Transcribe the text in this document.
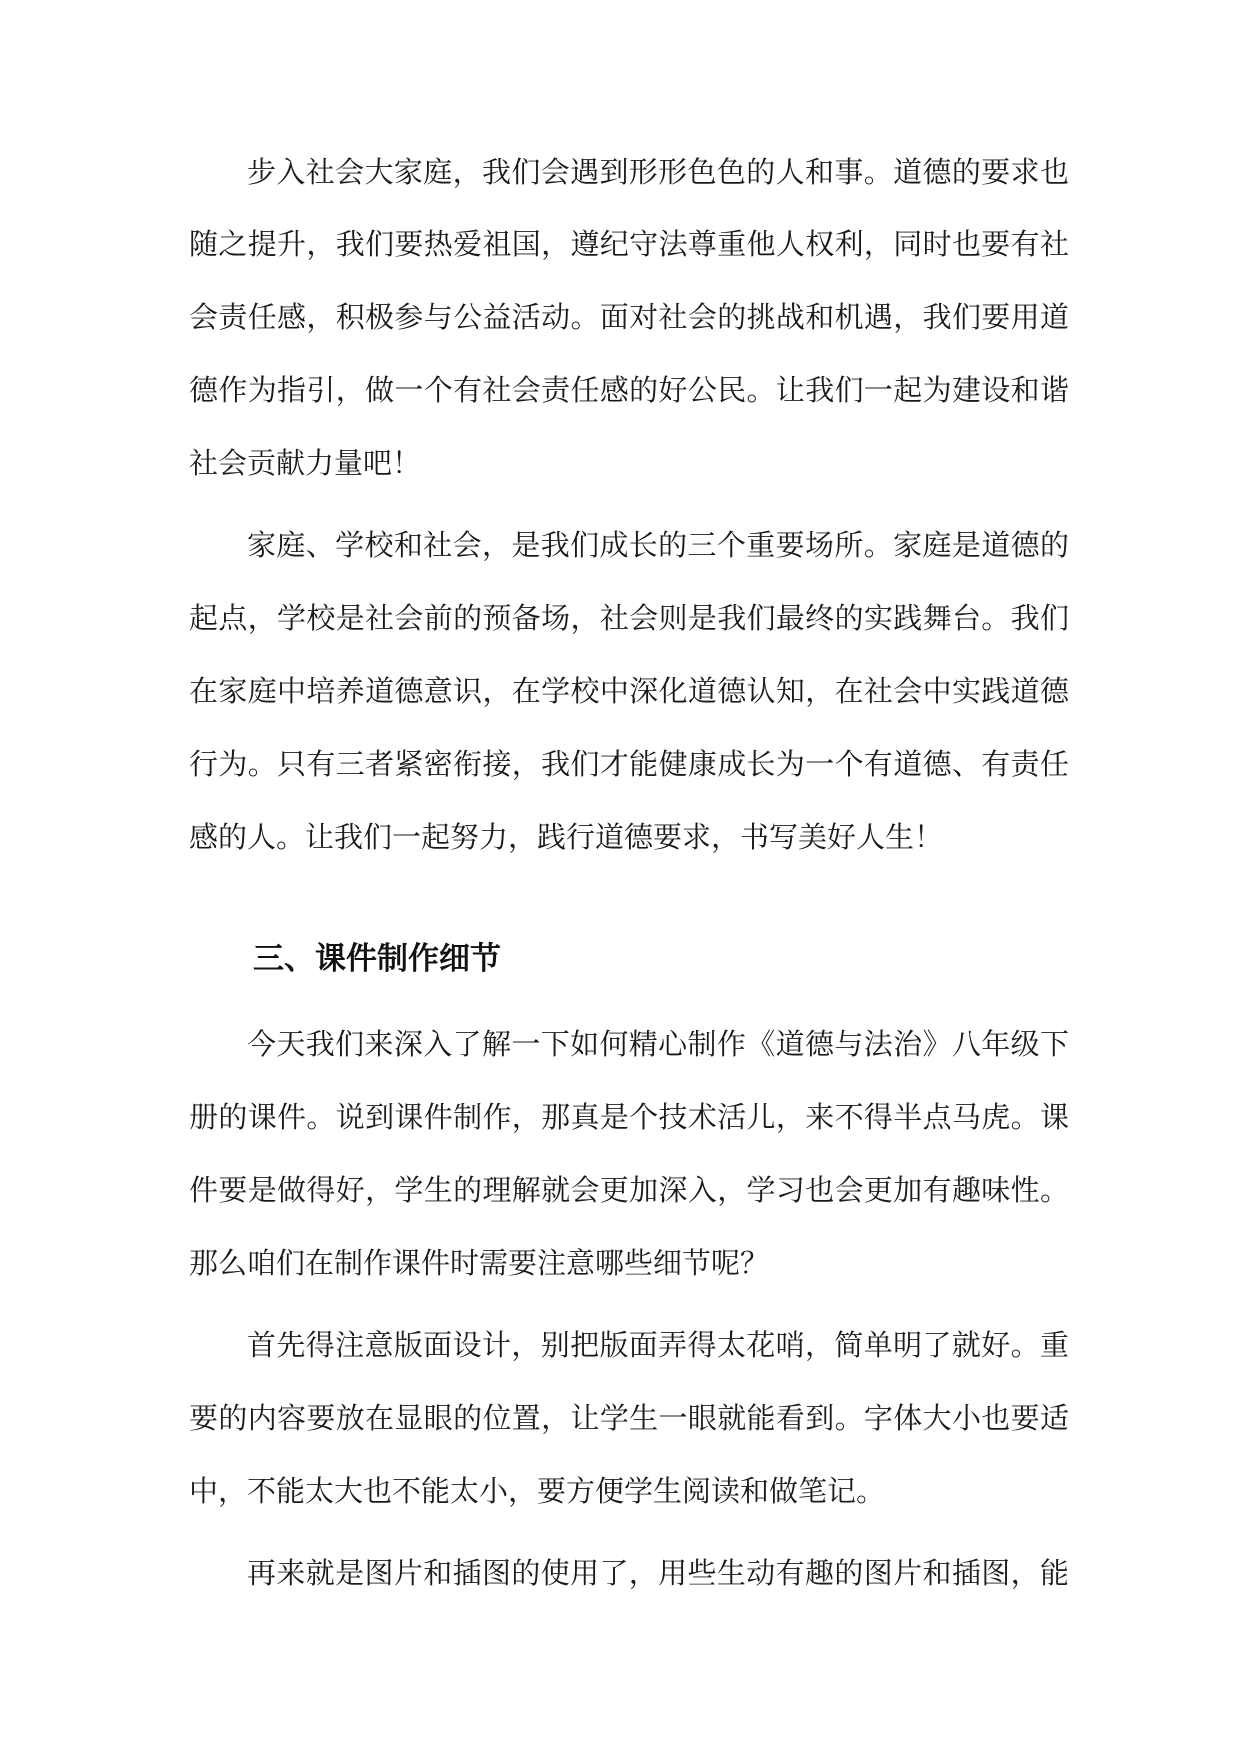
步入社会大家庭，我们会遇到形形色色的人和事。道德的要求也
随之提升，我们要热爱祖国，遵纪守法尊重他人权利，同时也要有社
会责任感，积极参与公益活动。面对社会的挑战和机遇，我们要用道
德作为指引，做一个有社会责任感的好公民。让我们一起为建设和谐
社会贡献力量吧！
家庭、学校和社会，是我们成长的三个重要场所。家庭是道德的
起点，学校是社会前的预备场，社会则是我们最终的实践舞台。我们
在家庭中培养道德意识，在学校中深化道德认知，在社会中实践道德
行为。只有三者紧密衔接，我们才能健康成长为一个有道德、有责任
感的人。让我们一起努力，践行道德要求，书写美好人生！
三、课件制作细节
今天我们来深入了解一下如何精心制作《道德与法治》八年级下
册的课件。说到课件制作，那真是个技术活儿，来不得半点马虎。课
件要是做得好，学生的理解就会更加深入，学习也会更加有趣味性。
那么咱们在制作课件时需要注意哪些细节呢？
首先得注意版面设计，别把版面弄得太花哨，简单明了就好。重
要的内容要放在显眼的位置，让学生一眼就能看到。字体大小也要适
中，不能太大也不能太小，要方便学生阅读和做笔记。
再来就是图片和插图的使用了，用些生动有趣的图片和插图，能
